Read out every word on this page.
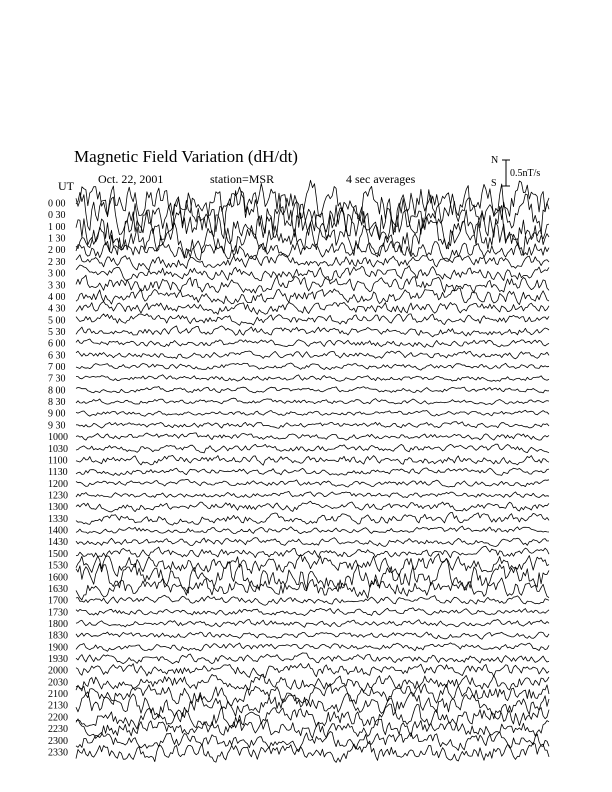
Magnetic Field Variation (dH/dt)
Oct. 22, 2001	station=MSR	4 sec averages
UT
N
S
0.5nT/s
0 00
0 30
1 00
1 30
2 00
2 30
3 00
3 30
4 00
4 30
5 00
5 30
6 00
6 30
7 00
7 30
8 00
8 30
9 00
9 30
1000
1030
1100
1130
1200
1230
1300
1330
1400
1430
1500
1530
1600
1630
1700
1730
1800
1830
1900
1930
2000
2030
2100
2130
2200
2230
2300
2330
